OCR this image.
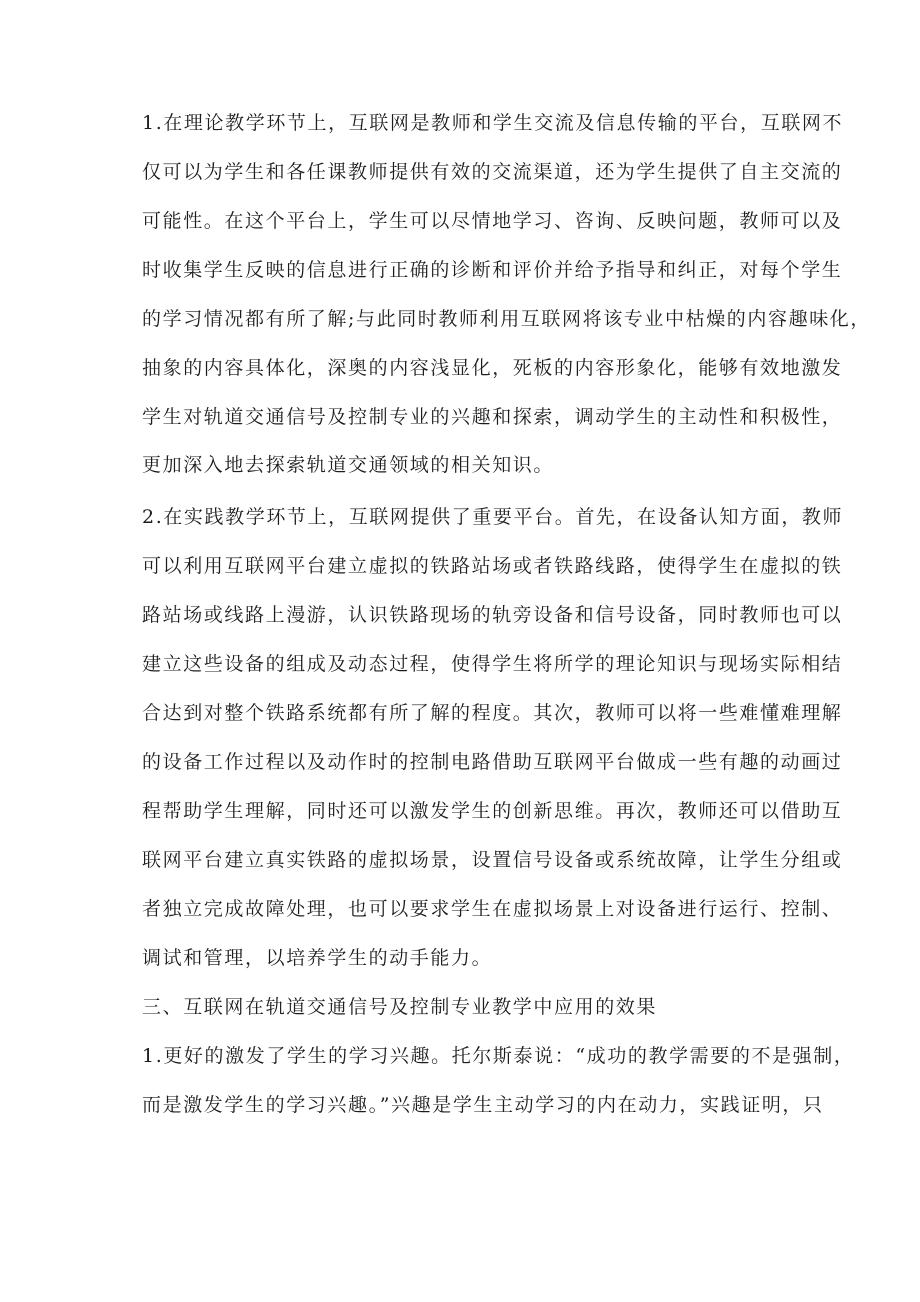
1.在理论教学环节上，互联网是教师和学生交流及信息传输的平台，互联网不

仅可以为学生和各任课教师提供有效的交流渠道，还为学生提供了自主交流的

可能性。在这个平台上，学生可以尽情地学习、咨询、反映问题，教师可以及

时收集学生反映的信息进行正确的诊断和评价并给予指导和纠正，对每个学生

的学习情况都有所了解;与此同时教师利用互联网将该专业中枯燥的内容趣味化，

抽象的内容具体化，深奥的内容浅显化，死板的内容形象化，能够有效地激发

学生对轨道交通信号及控制专业的兴趣和探索，调动学生的主动性和积极性，

更加深入地去探索轨道交通领域的相关知识。

2.在实践教学环节上，互联网提供了重要平台。首先，在设备认知方面，教师

可以利用互联网平台建立虚拟的铁路站场或者铁路线路，使得学生在虚拟的铁

路站场或线路上漫游，认识铁路现场的轨旁设备和信号设备，同时教师也可以

建立这些设备的组成及动态过程，使得学生将所学的理论知识与现场实际相结

合达到对整个铁路系统都有所了解的程度。其次，教师可以将一些难懂难理解

的设备工作过程以及动作时的控制电路借助互联网平台做成一些有趣的动画过

程帮助学生理解，同时还可以激发学生的创新思维。再次，教师还可以借助互

联网平台建立真实铁路的虚拟场景，设置信号设备或系统故障，让学生分组或

者独立完成故障处理，也可以要求学生在虚拟场景上对设备进行运行、控制、

调试和管理，以培养学生的动手能力。

三、互联网在轨道交通信号及控制专业教学中应用的效果

1.更好的激发了学生的学习兴趣。托尔斯泰说：“成功的教学需要的不是强制，

而是激发学生的学习兴趣。”兴趣是学生主动学习的内在动力，实践证明，只
